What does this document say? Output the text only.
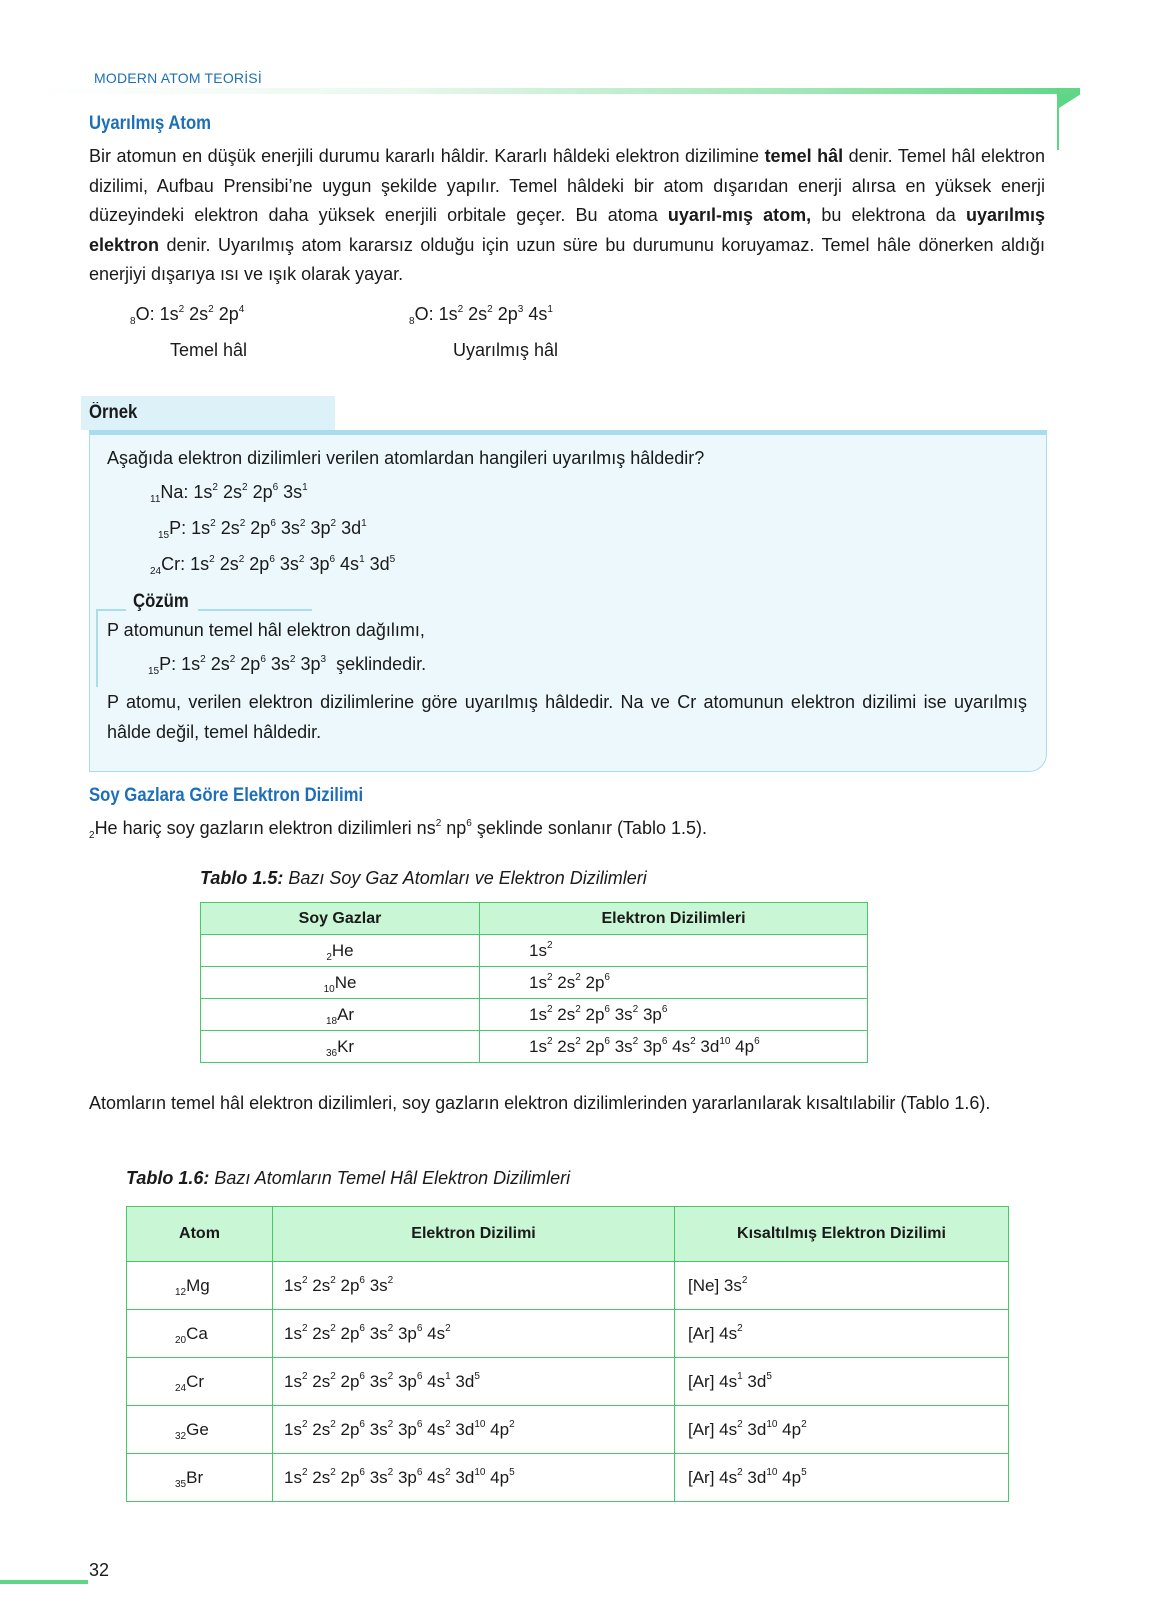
MODERN ATOM TEORİSİ
Uyarılmış Atom
Bir atomun en düşük enerjili durumu kararlı hâldir. Kararlı hâldeki elektron dizilimine temel hâl denir. Temel hâl elektron dizilimi, Aufbau Prensibi’ne uygun şekilde yapılır. Temel hâldeki bir atom dışarıdan enerji alırsa en yüksek enerji düzeyindeki elektron daha yüksek enerjili orbitale geçer. Bu atoma uyarıl-mış atom, bu elektrona da uyarılmış elektron denir. Uyarılmış atom kararsız olduğu için uzun süre bu durumunu koruyamaz. Temel hâle dönerken aldığı enerjiyi dışarıya ısı ve ışık olarak yayar.
$_8$O: $1s^2$ $2s^2$ $2p^4$
$_8$O: $1s^2$ $2s^2$ $2p^3$ $4s^1$
Temel hâl	Uyarılmış hâl
Örnek
Aşağıda elektron dizilimleri verilen atomlardan hangileri uyarılmış hâldedir?
$_{11}$Na: $1s^2$ $2s^2$ $2p^6$ $3s^1$
$_{15}$P: $1s^2$ $2s^2$ $2p^6$ $3s^2$ $3p^2$ $3d^1$
$_{24}$Cr: $1s^2$ $2s^2$ $2p^6$ $3s^2$ $3p^6$ $4s^1$ $3d^5$
Çözüm
P atomunun temel hâl elektron dağılımı,
$_{15}$P: $1s^2$ $2s^2$ $2p^6$ $3s^2$ $3p^3$ şeklindedir.
P atomu, verilen elektron dizilimlerine göre uyarılmış hâldedir. Na ve Cr atomunun elektron dizilimi ise uyarılmış hâlde değil, temel hâldedir.
Soy Gazlara Göre Elektron Dizilimi
$_2$He hariç soy gazların elektron dizilimleri $ns^2$ $np^6$ şeklinde sonlanır (Tablo 1.5).
Tablo 1.5: Bazı Soy Gaz Atomları ve Elektron Dizilimleri
Soy Gazlar	Elektron Dizilimleri
$_2$He	$1s^2$
$_{10}$Ne	$1s^2$ $2s^2$ $2p^6$
$_{18}$Ar	$1s^2$ $2s^2$ $2p^6$ $3s^2$ $3p^6$
$_{36}$Kr	$1s^2$ $2s^2$ $2p^6$ $3s^2$ $3p^6$ $4s^2$ $3d^{10}$ $4p^6$
Atomların temel hâl elektron dizilimleri, soy gazların elektron dizilimlerinden yararlanılarak kısaltılabilir (Tablo 1.6).
Tablo 1.6: Bazı Atomların Temel Hâl Elektron Dizilimleri
Atom	Elektron Dizilimi	Kısaltılmış Elektron Dizilimi
$_{12}$Mg	$1s^2$ $2s^2$ $2p^6$ $3s^2$	[Ne] $3s^2$
$_{20}$Ca	$1s^2$ $2s^2$ $2p^6$ $3s^2$ $3p^6$ $4s^2$	[Ar] $4s^2$
$_{24}$Cr	$1s^2$ $2s^2$ $2p^6$ $3s^2$ $3p^6$ $4s^1$ $3d^5$	[Ar] $4s^1$ $3d^5$
$_{32}$Ge	$1s^2$ $2s^2$ $2p^6$ $3s^2$ $3p^6$ $4s^2$ $3d^{10}$ $4p^2$	[Ar] $4s^2$ $3d^{10}$ $4p^2$
$_{35}$Br	$1s^2$ $2s^2$ $2p^6$ $3s^2$ $3p^6$ $4s^2$ $3d^{10}$ $4p^5$	[Ar] $4s^2$ $3d^{10}$ $4p^5$
32
